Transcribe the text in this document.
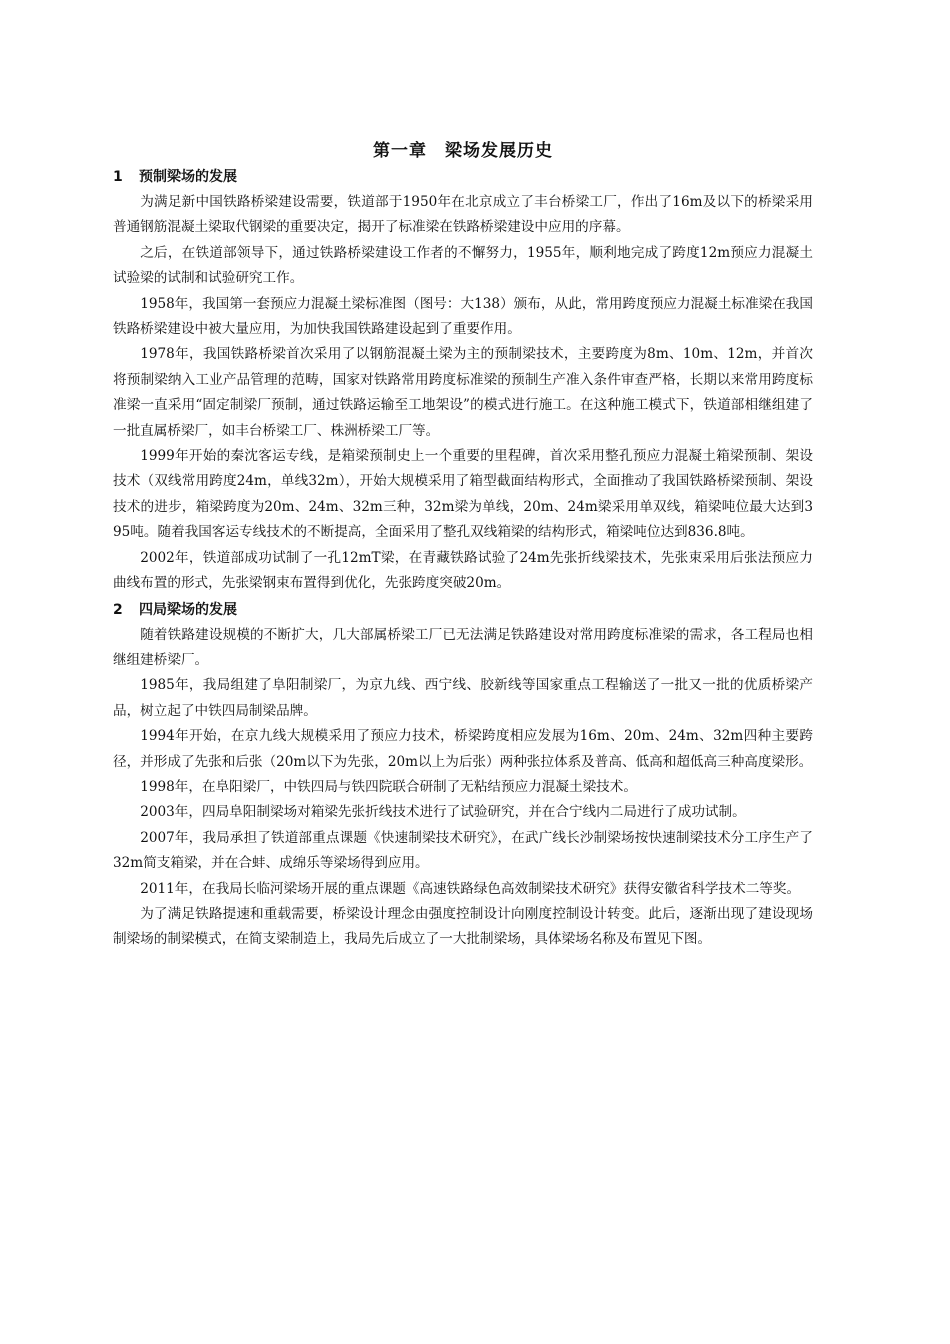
第一章　梁场发展历史
1 预制梁场的发展

为满足新中国铁路桥梁建设需要，铁道部于1950年在北京成立了丰台桥梁工厂，作出了16m及以下的桥梁采用普通钢筋混凝土梁取代钢梁的重要决定，揭开了标准梁在铁路桥梁建设中应用的序幕。

之后，在铁道部领导下，通过铁路桥梁建设工作者的不懈努力，1955年，顺利地完成了跨度12m预应力混凝土试验梁的试制和试验研究工作。

1958年，我国第一套预应力混凝土梁标准图（图号：大138）颁布，从此，常用跨度预应力混凝土标准梁在我国铁路桥梁建设中被大量应用，为加快我国铁路建设起到了重要作用。

1978年，我国铁路桥梁首次采用了以钢筋混凝土梁为主的预制梁技术，主要跨度为8m、10m、12m，并首次将预制梁纳入工业产品管理的范畴，国家对铁路常用跨度标准梁的预制生产准入条件审查严格，长期以来常用跨度标准梁一直采用“固定制梁厂预制，通过铁路运输至工地架设”的模式进行施工。在这种施工模式下，铁道部相继组建了一批直属桥梁厂，如丰台桥梁工厂、株洲桥梁工厂等。

1999年开始的秦沈客运专线，是箱梁预制史上一个重要的里程碑，首次采用整孔预应力混凝土箱梁预制、架设技术（双线常用跨度24m，单线32m），开始大规模采用了箱型截面结构形式，全面推动了我国铁路桥梁预制、架设技术的进步，箱梁跨度为20m、24m、32m三种，32m梁为单线，20m、24m梁采用单双线，箱梁吨位最大达到395吨。随着我国客运专线技术的不断提高，全面采用了整孔双线箱梁的结构形式，箱梁吨位达到836.8吨。

2002年，铁道部成功试制了一孔12mT梁，在青藏铁路试验了24m先张折线梁技术，先张束采用后张法预应力曲线布置的形式，先张梁钢束布置得到优化，先张跨度突破20m。

2 四局梁场的发展

随着铁路建设规模的不断扩大，几大部属桥梁工厂已无法满足铁路建设对常用跨度标准梁的需求，各工程局也相继组建桥梁厂。

1985年，我局组建了阜阳制梁厂，为京九线、西宁线、胶新线等国家重点工程输送了一批又一批的优质桥梁产品，树立起了中铁四局制梁品牌。

1994年开始，在京九线大规模采用了预应力技术，桥梁跨度相应发展为16m、20m、24m、32m四种主要跨径，并形成了先张和后张（20m以下为先张，20m以上为后张）两种张拉体系及普高、低高和超低高三种高度梁形。

1998年，在阜阳梁厂，中铁四局与铁四院联合研制了无粘结预应力混凝土梁技术。

2003年，四局阜阳制梁场对箱梁先张折线技术进行了试验研究，并在合宁线内二局进行了成功试制。

2007年，我局承担了铁道部重点课题《快速制梁技术研究》，在武广线长沙制梁场按快速制梁技术分工序生产了32m简支箱梁，并在合蚌、成绵乐等梁场得到应用。

2011年，在我局长临河梁场开展的重点课题《高速铁路绿色高效制梁技术研究》获得安徽省科学技术二等奖。

为了满足铁路提速和重载需要，桥梁设计理念由强度控制设计向刚度控制设计转变。此后，逐渐出现了建设现场制梁场的制梁模式，在简支梁制造上，我局先后成立了一大批制梁场，具体梁场名称及布置见下图。
